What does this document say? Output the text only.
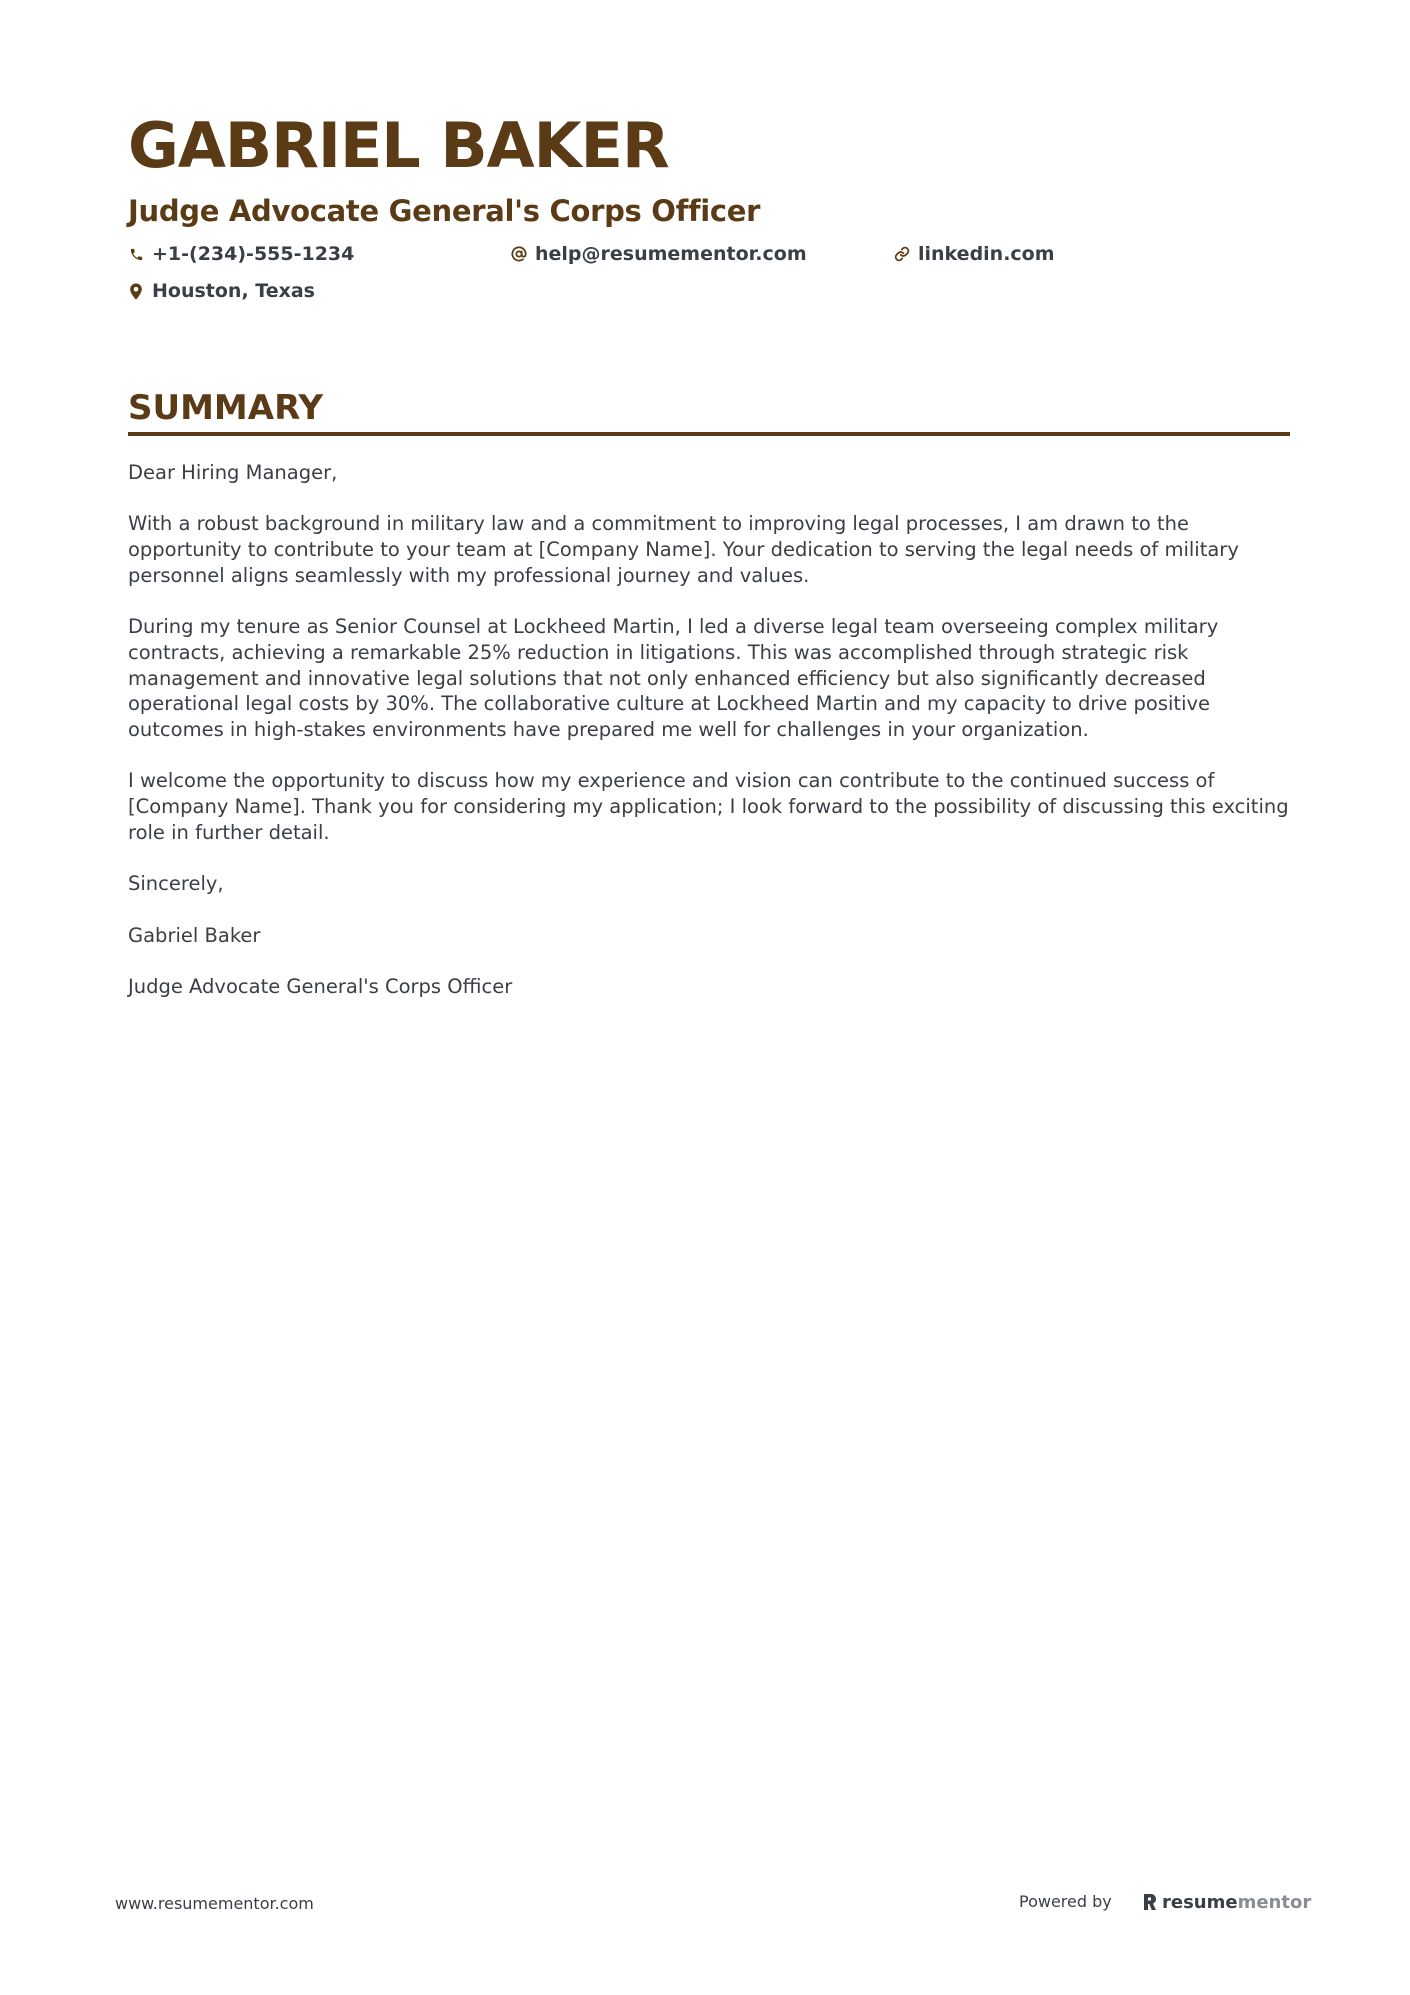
GABRIEL BAKER
Judge Advocate General's Corps Officer
+1-(234)-555-1234	help@resumementor.com	linkedin.com
Houston, Texas
SUMMARY

Dear Hiring Manager,

With a robust background in military law and a commitment to improving legal processes, I am drawn to the opportunity to contribute to your team at [Company Name]. Your dedication to serving the legal needs of military personnel aligns seamlessly with my professional journey and values.

During my tenure as Senior Counsel at Lockheed Martin, I led a diverse legal team overseeing complex military contracts, achieving a remarkable 25% reduction in litigations. This was accomplished through strategic risk management and innovative legal solutions that not only enhanced efficiency but also significantly decreased operational legal costs by 30%. The collaborative culture at Lockheed Martin and my capacity to drive positive outcomes in high-stakes environments have prepared me well for challenges in your organization.

I welcome the opportunity to discuss how my experience and vision can contribute to the continued success of [Company Name]. Thank you for considering my application; I look forward to the possibility of discussing this exciting role in further detail.

Sincerely,

Gabriel Baker

Judge Advocate General's Corps Officer

www.resumementor.com	Powered by	resume mentor
